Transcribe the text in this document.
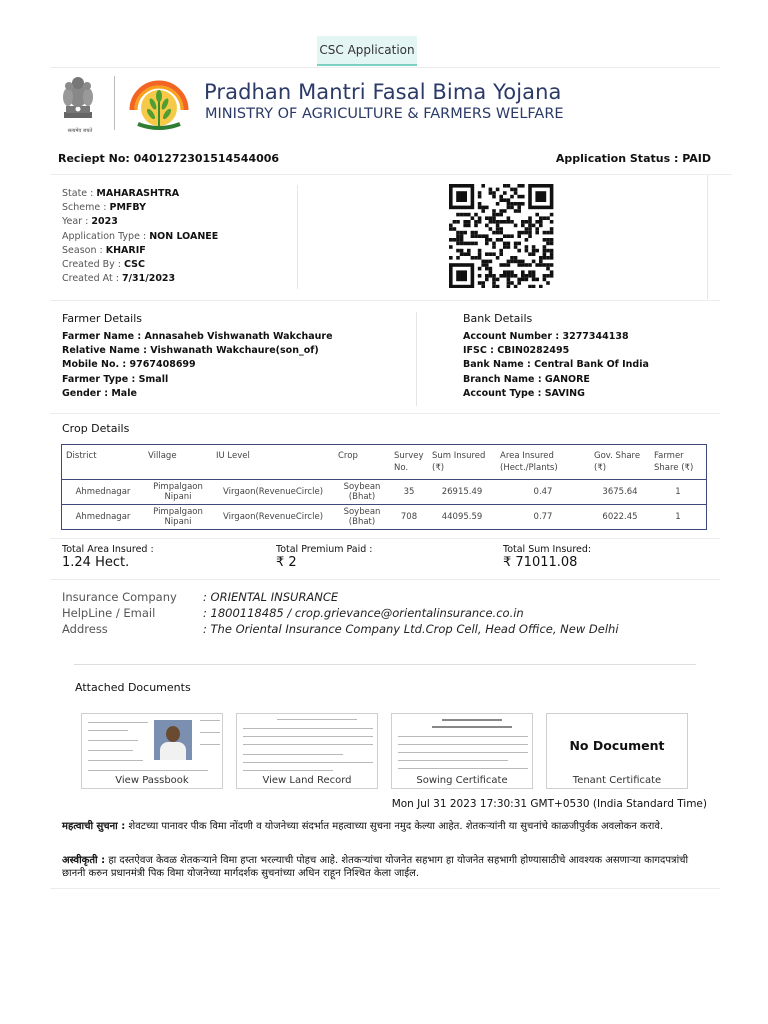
CSC Application
सत्यमेव जयते
Pradhan Mantri Fasal Bima Yojana
MINISTRY OF AGRICULTURE & FARMERS WELFARE
Reciept No: 0401272301514544006	Application Status : PAID
State : MAHARASHTRA
Scheme : PMFBY
Year : 2023
Application Type : NON LOANEE
Season : KHARIF
Created By : CSC
Created At : 7/31/2023
Farmer Details
Farmer Name : Annasaheb Vishwanath Wakchaure
Relative Name : Vishwanath Wakchaure(son_of)
Mobile No. : 9767408699
Farmer Type : Small
Gender : Male
Bank Details
Account Number : 3277344138
IFSC : CBIN0282495
Bank Name : Central Bank Of India
Branch Name : GANORE
Account Type : SAVING
Crop Details
District	Village	IU Level	Crop	Survey No.	Sum Insured (₹)	Area Insured (Hect./Plants)	Gov. Share (₹)	Farmer Share (₹)
Ahmednagar	Pimpalgaon Nipani	Virgaon(RevenueCircle)	Soybean (Bhat)	35	26915.49	0.47	3675.64	1
Ahmednagar	Pimpalgaon Nipani	Virgaon(RevenueCircle)	Soybean (Bhat)	708	44095.59	0.77	6022.45	1
Total Area Insured :
1.24 Hect.
Total Premium Paid :
₹ 2
Total Sum Insured:
₹ 71011.08
Insurance Company : ORIENTAL INSURANCE
HelpLine / Email	: 1800118485 / crop.grievance@orientalinsurance.co.in
Address	: The Oriental Insurance Company Ltd.Crop Cell, Head Office, New Delhi
Attached Documents
View Passbook	View Land Record	Sowing Certificate
No Document
Tenant Certificate
Mon Jul 31 2023 17:30:31 GMT+0530 (India Standard Time)
महत्वाची सुचना : शेवटच्या पानावर पीक विमा नोंदणी व योजनेच्या संदर्भात महत्वाच्या सुचना नमुद केल्या आहेत. शेतकऱ्यांनी या सुचनांचे काळजीपुर्वक अवलोकन करावे.
अस्वीकृती : हा दस्तऐवज केवळ शेतकऱ्याने विमा हप्ता भरल्याची पोहच आहे. शेतकऱ्यांचा योजनेत सहभाग हा योजनेत सहभागी होण्यासाठीचे आवश्यक असणाऱ्या कागदपत्रांची छाननी करुन प्रधानमंत्री पिक विमा योजनेच्या मार्गदर्शक सुचनांच्या अधिन राहून निश्चित केला जाईल.
